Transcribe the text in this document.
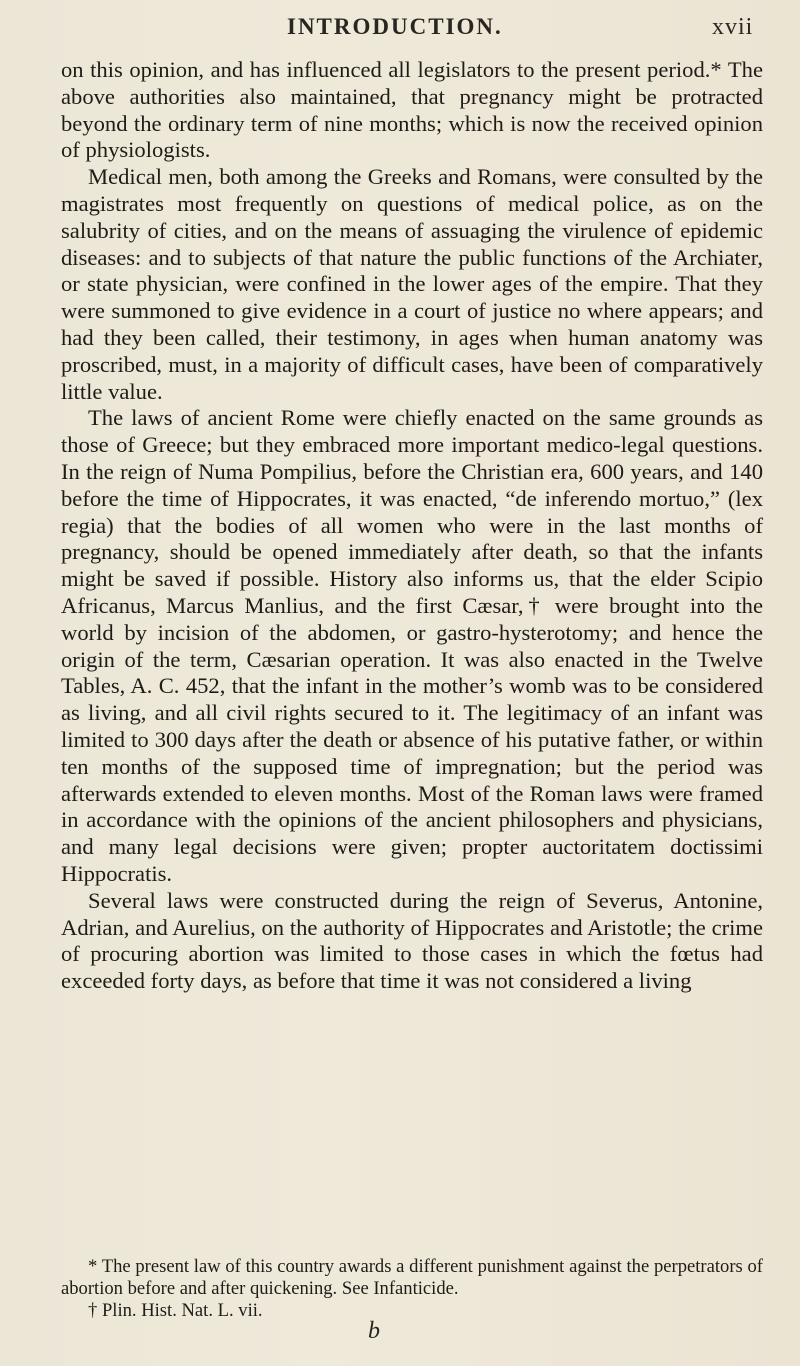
INTRODUCTION.	xvii

on this opinion, and has influenced all legislators to the present period.* The above authorities also maintained, that pregnancy might be protracted beyond the ordinary term of nine months; which is now the received opinion of physiologists.

Medical men, both among the Greeks and Romans, were consulted by the magistrates most frequently on questions of medical police, as on the salubrity of cities, and on the means of assuaging the virulence of epidemic diseases: and to subjects of that nature the public functions of the Archiater, or state physician, were confined in the lower ages of the empire. That they were summoned to give evidence in a court of justice no where appears; and had they been called, their testimony, in ages when human anatomy was proscribed, must, in a majority of difficult cases, have been of comparatively little value.

The laws of ancient Rome were chiefly enacted on the same grounds as those of Greece; but they embraced more important medico-legal questions. In the reign of Numa Pompilius, before the Christian era, 600 years, and 140 before the time of Hippocrates, it was enacted, “de inferendo mortuo,” (lex regia) that the bodies of all women who were in the last months of pregnancy, should be opened immediately after death, so that the infants might be saved if possible. History also informs us, that the elder Scipio Africanus, Marcus Manlius, and the first Cæsar,† were brought into the world by incision of the abdomen, or gastro-hysterotomy; and hence the origin of the term, Cæsarian operation. It was also enacted in the Twelve Tables, A. C. 452, that the infant in the mother’s womb was to be considered as living, and all civil rights secured to it. The legitimacy of an infant was limited to 300 days after the death or absence of his putative father, or within ten months of the supposed time of impregnation; but the period was afterwards extended to eleven months. Most of the Roman laws were framed in accordance with the opinions of the ancient philosophers and physicians, and many legal decisions were given; propter auctoritatem doctissimi Hippocratis.

Several laws were constructed during the reign of Severus, Antonine, Adrian, and Aurelius, on the authority of Hippocrates and Aristotle; the crime of procuring abortion was limited to those cases in which the fœtus had exceeded forty days, as before that time it was not considered a living

* The present law of this country awards a different punishment against the perpetrators of abortion before and after quickening. See Infanticide.

† Plin. Hist. Nat. L. vii.

b
